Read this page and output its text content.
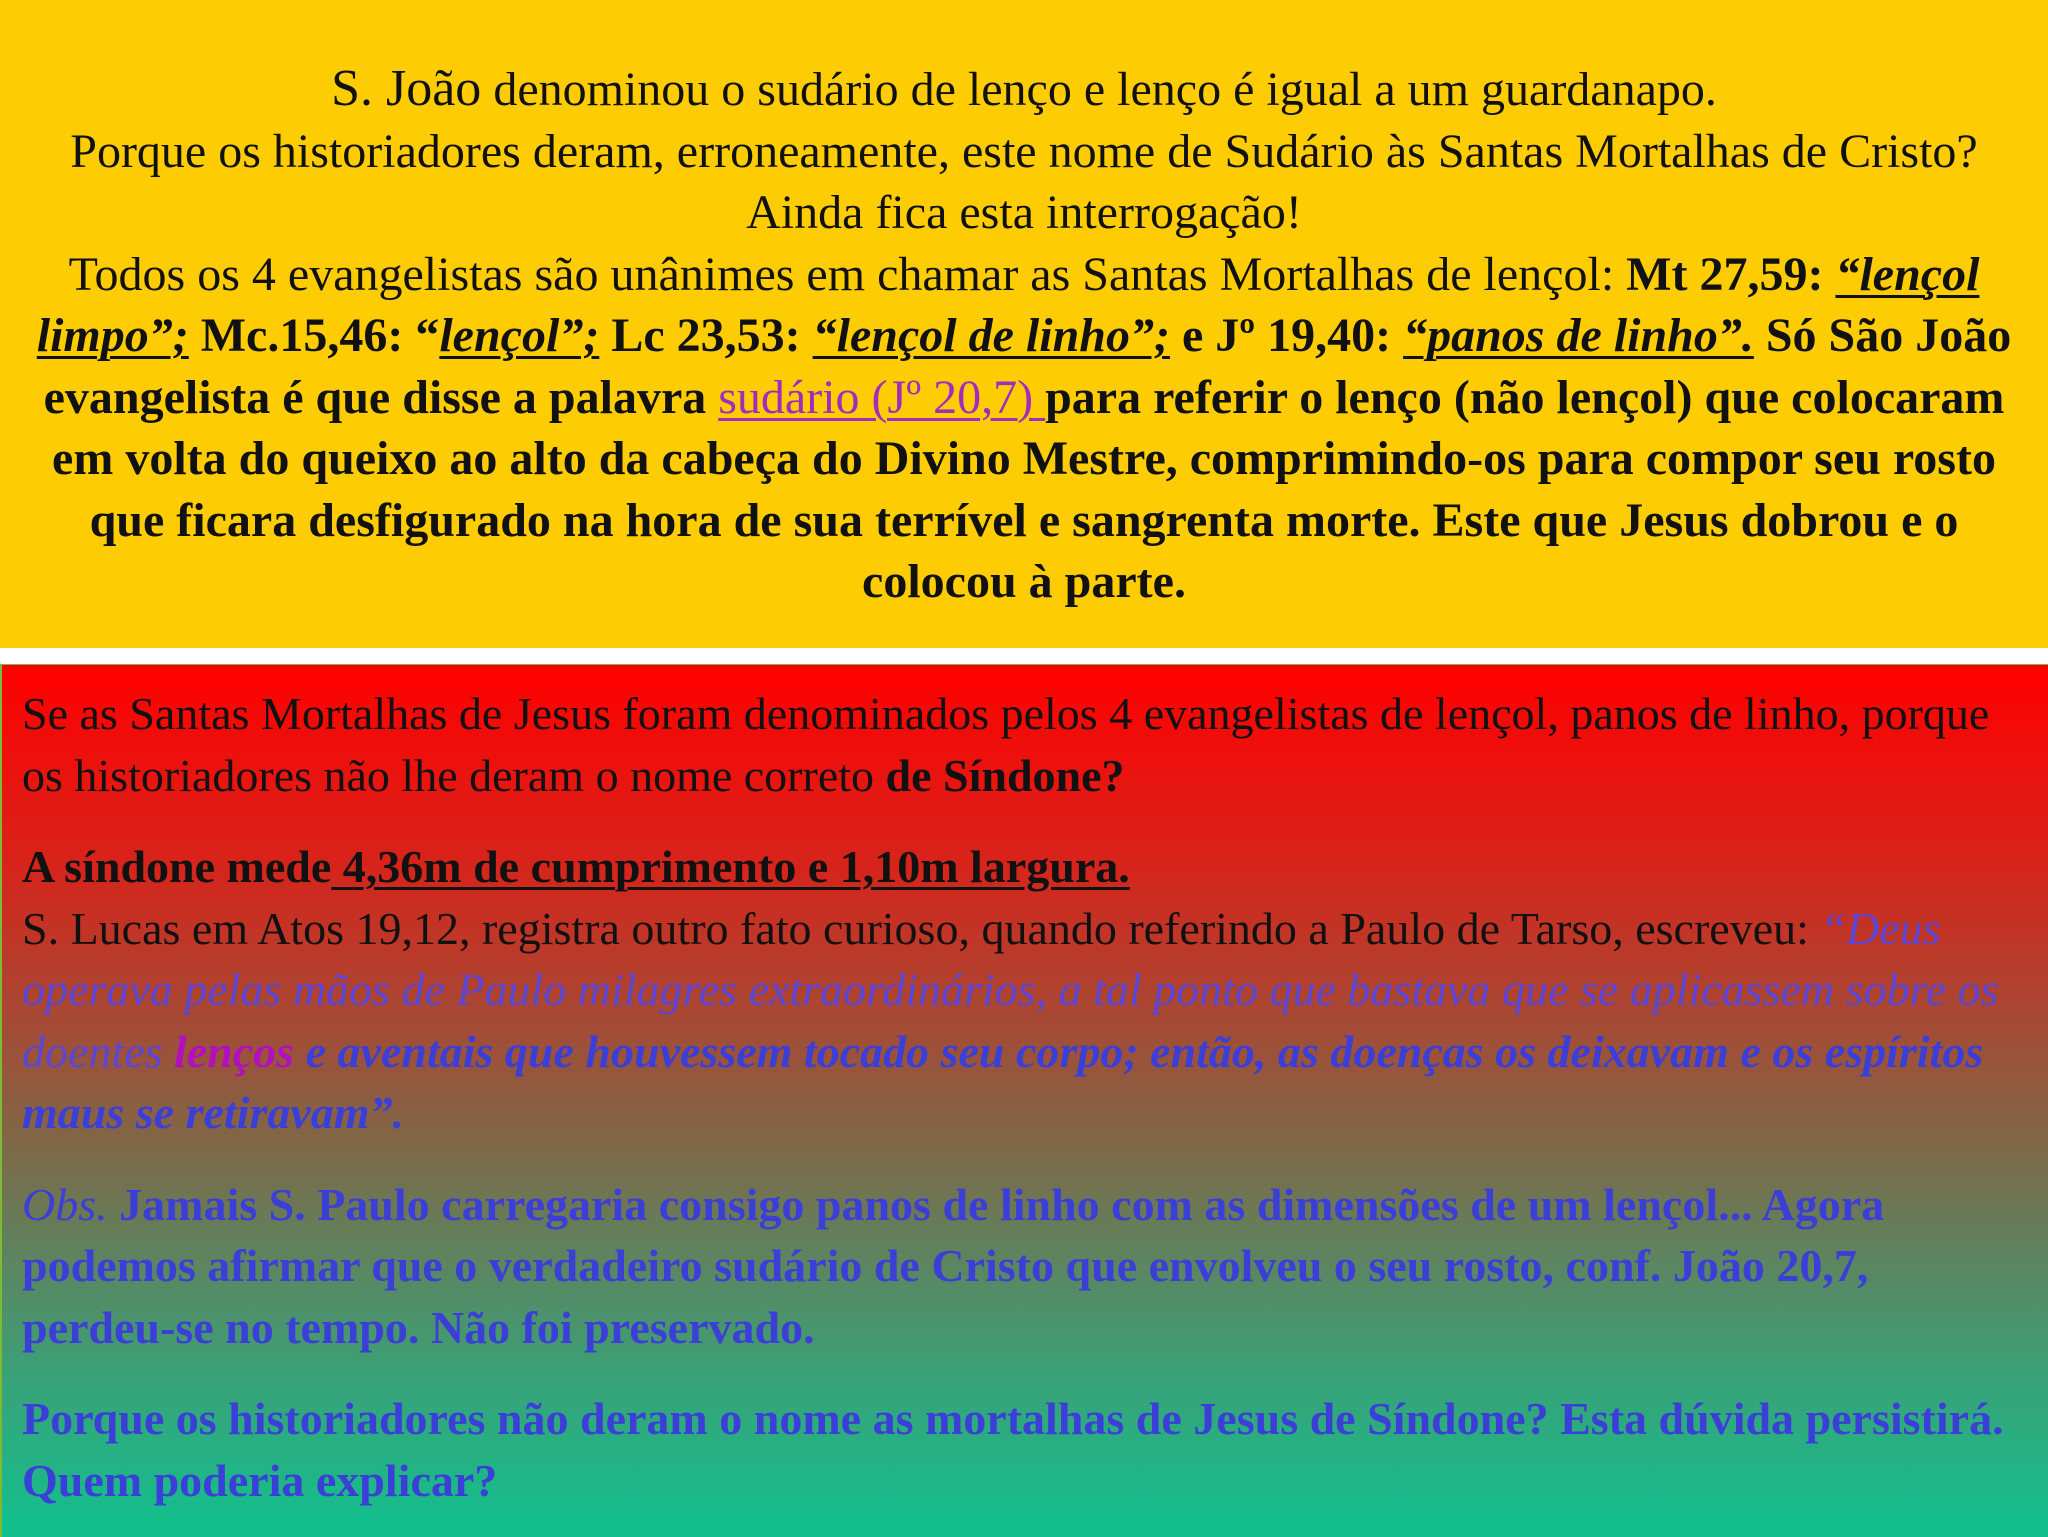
S. João denominou o sudário de lenço e lenço é igual a um guardanapo.
Porque os historiadores deram, erroneamente, este nome de Sudário às Santas Mortalhas de Cristo? Ainda fica esta interrogação!
Todos os 4 evangelistas são unânimes em chamar as Santas Mortalhas de lençol: Mt 27,59: “lençol limpo”; Mc.15,46: “lençol”; Lc 23,53: “lençol de linho”; e Jº 19,40: “panos de linho”. Só São João evangelista é que disse a palavra sudário (Jº 20,7) para referir o lenço (não lençol) que colocaram em volta do queixo ao alto da cabeça do Divino Mestre, comprimindo-os para compor seu rosto que ficara desfigurado na hora de sua terrível e sangrenta morte. Este que Jesus dobrou e o colocou à parte.

Se as Santas Mortalhas de Jesus foram denominados pelos 4 evangelistas de lençol, panos de linho, porque os historiadores não lhe deram o nome correto de Síndone?

A síndone mede 4,36m de cumprimento e 1,10m largura.
S. Lucas em Atos 19,12, registra outro fato curioso, quando referindo a Paulo de Tarso, escreveu: “Deus operava pelas mãos de Paulo milagres extraordinários, a tal ponto que bastava que se aplicassem sobre os doentes lenços e aventais que houvessem tocado seu corpo; então, as doenças os deixavam e os espíritos maus se retiravam”.

Obs. Jamais S. Paulo carregaria consigo panos de linho com as dimensões de um lençol... Agora podemos afirmar que o verdadeiro sudário de Cristo que envolveu o seu rosto, conf. João 20,7, perdeu-se no tempo. Não foi preservado.

Porque os historiadores não deram o nome as mortalhas de Jesus de Síndone? Esta dúvida persistirá. Quem poderia explicar?
